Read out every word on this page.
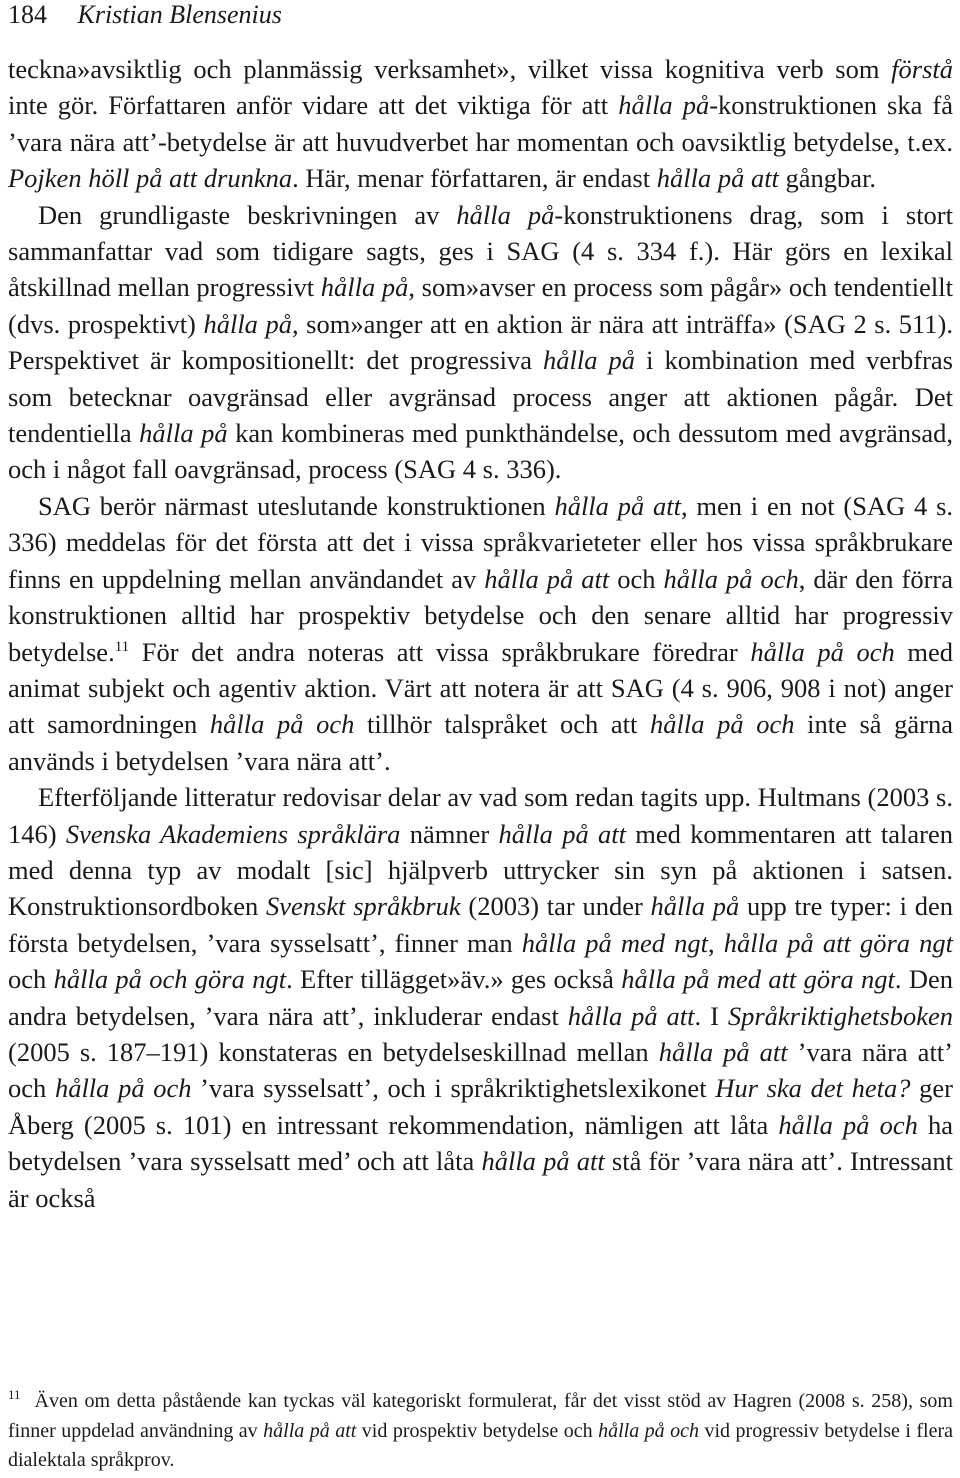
184 Kristian Blensenius

teckna»avsiktlig och planmässig verksamhet», vilket vissa kognitiva verb som förstå inte gör. Författaren anför vidare att det viktiga för att hålla på-konstruktionen ska få ’vara nära att’-betydelse är att huvudverbet har momentan och oavsiktlig betydelse, t.ex. Pojken höll på att drunkna. Här, menar författaren, är endast hålla på att gångbar.

Den grundligaste beskrivningen av hålla på-konstruktionens drag, som i stort sammanfattar vad som tidigare sagts, ges i SAG (4 s. 334 f.). Här görs en lexikal åtskillnad mellan progressivt hålla på, som»avser en process som pågår» och tendentiellt (dvs. prospektivt) hålla på, som»anger att en aktion är nära att inträffa» (SAG 2 s. 511). Perspektivet är kompositionellt: det progressiva hålla på i kombination med verbfras som betecknar oavgränsad eller avgränsad process anger att aktionen pågår. Det tendentiella hålla på kan kombineras med punkthändelse, och dessutom med avgränsad, och i något fall oavgränsad, process (SAG 4 s. 336).

SAG berör närmast uteslutande konstruktionen hålla på att, men i en not (SAG 4 s. 336) meddelas för det första att det i vissa språkvarieteter eller hos vissa språkbrukare finns en uppdelning mellan användandet av hålla på att och hålla på och, där den förra konstruktionen alltid har prospektiv betydelse och den senare alltid har progressiv betydelse.$^{11}$ För det andra noteras att vissa språkbrukare föredrar hålla på och med animat subjekt och agentiv aktion. Värt att notera är att SAG (4 s. 906, 908 i not) anger att samordningen hålla på och tillhör talspråket och att hålla på och inte så gärna används i betydelsen ’vara nära att’.

Efterföljande litteratur redovisar delar av vad som redan tagits upp. Hultmans (2003 s. 146) Svenska Akademiens språklära nämner hålla på att med kommentaren att talaren med denna typ av modalt [sic] hjälpverb uttrycker sin syn på aktionen i satsen. Konstruktionsordboken Svenskt språkbruk (2003) tar under hålla på upp tre typer: i den första betydelsen, ’vara sysselsatt’, finner man hålla på med ngt, hålla på att göra ngt och hålla på och göra ngt. Efter tillägget»äv.» ges också hålla på med att göra ngt. Den andra betydelsen, ’vara nära att’, inkluderar endast hålla på att. I Språkriktighetsboken (2005 s. 187–191) konstateras en betydelseskillnad mellan hålla på att ’vara nära att’ och hålla på och ’vara sysselsatt’, och i språkriktighetslexikonet Hur ska det heta? ger Åberg (2005 s. 101) en intressant rekommendation, nämligen att låta hålla på och ha betydelsen ’vara sysselsatt med’ och att låta hålla på att stå för ’vara nära att’. Intressant är också

$^{11}$ Även om detta påstående kan tyckas väl kategoriskt formulerat, får det visst stöd av Hagren (2008 s. 258), som finner uppdelad användning av hålla på att vid prospektiv betydelse och hålla på och vid progressiv betydelse i flera dialektala språkprov.
